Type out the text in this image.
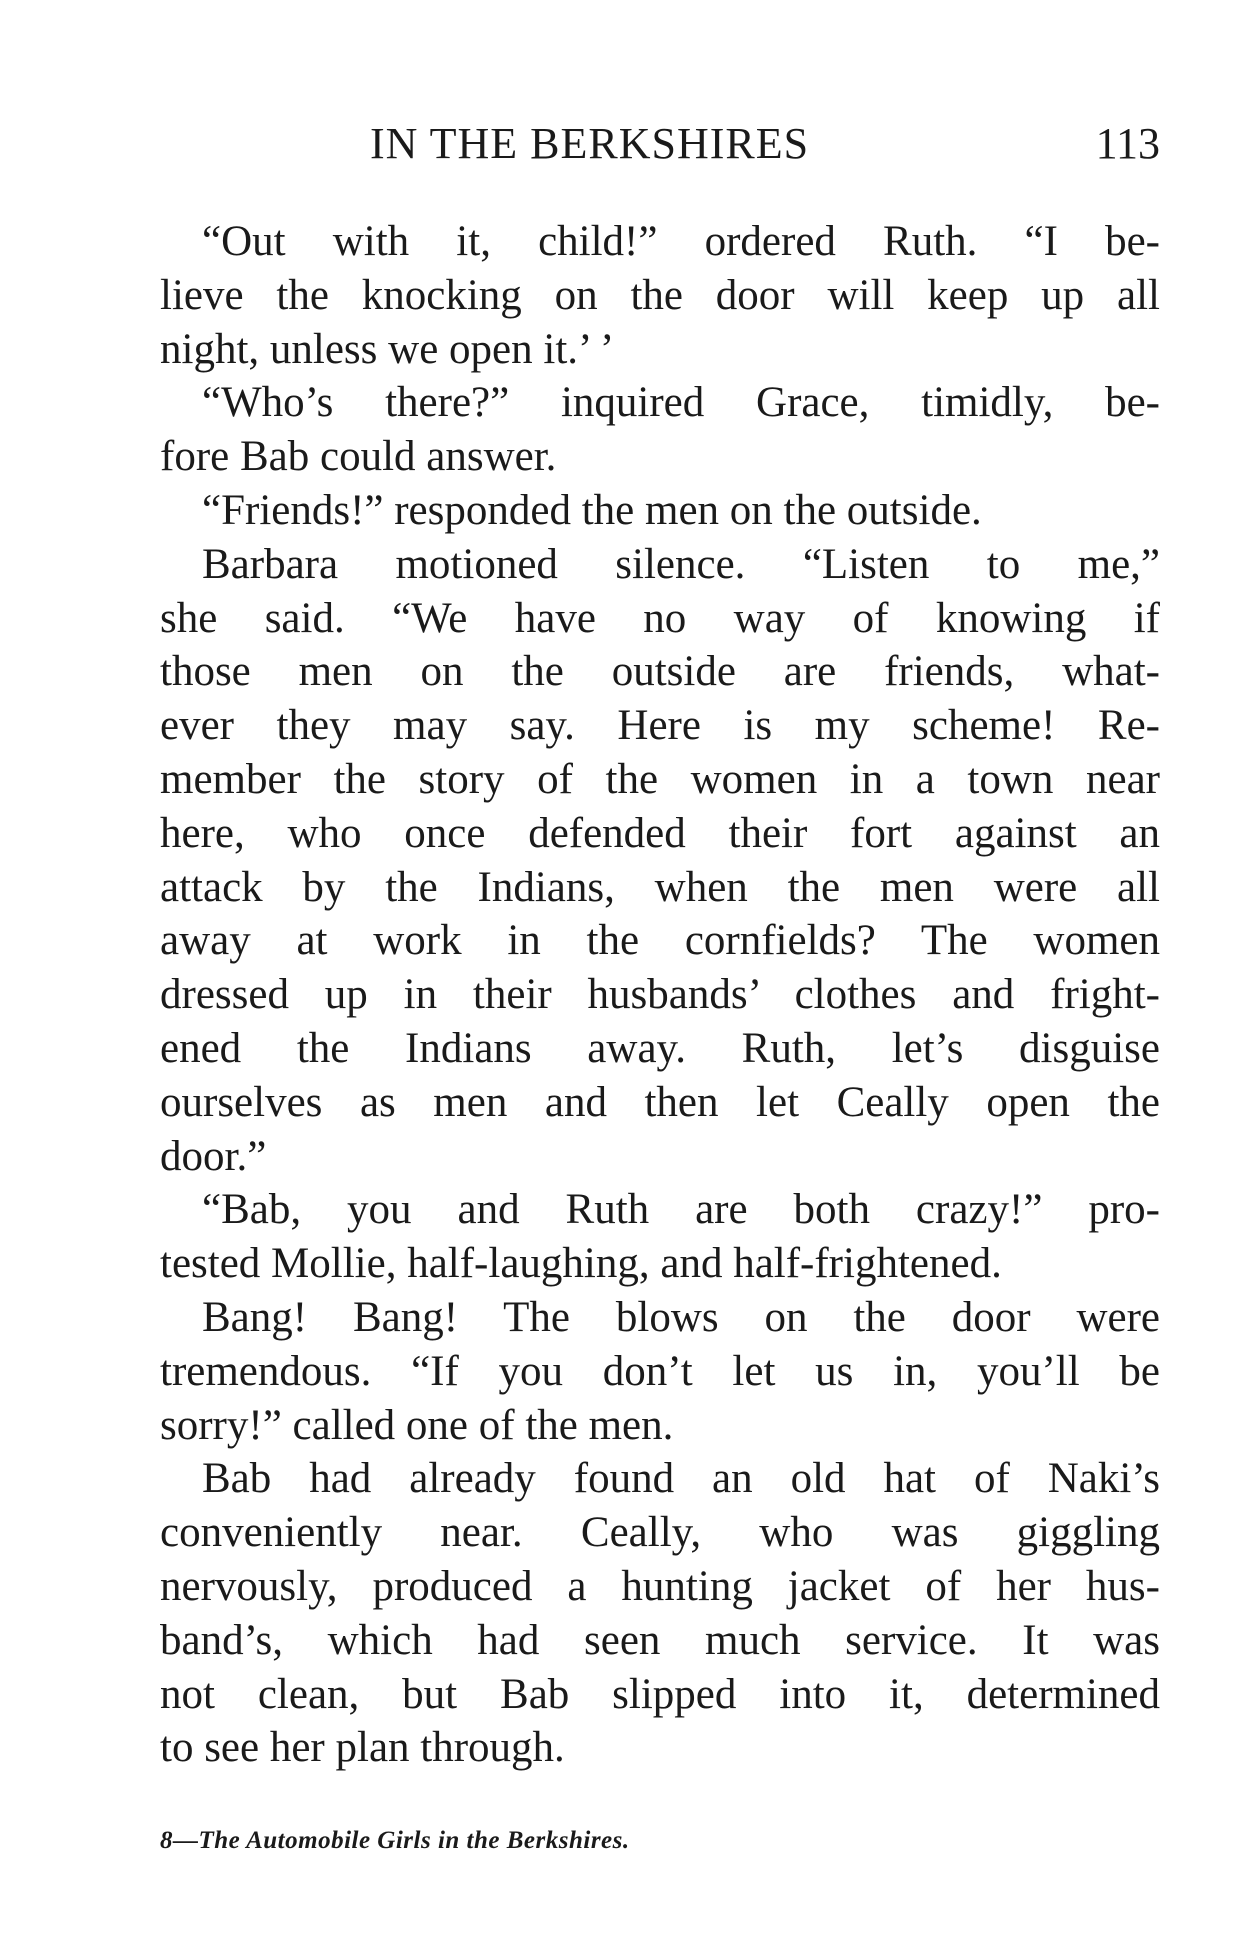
IN THE BERKSHIRES	113
“Out with it, child!” ordered Ruth. “I be-
lieve the knocking on the door will keep up all
night, unless we open it.’ ’
“Who’s there?” inquired Grace, timidly, be-
fore Bab could answer.
“Friends!” responded the men on the outside.
Barbara motioned silence. “Listen to me,”
she said. “We have no way of knowing if
those men on the outside are friends, what-
ever they may say. Here is my scheme! Re-
member the story of the women in a town near
here, who once defended their fort against an
attack by the Indians, when the men were all
away at work in the cornfields? The women
dressed up in their husbands’ clothes and fright-
ened the Indians away. Ruth, let’s disguise
ourselves as men and then let Ceally open the
door.”
“Bab, you and Ruth are both crazy!” pro-
tested Mollie, half-laughing, and half-frightened.
Bang! Bang! The blows on the door were
tremendous. “If you don’t let us in, you’ll be
sorry!” called one of the men.
Bab had already found an old hat of Naki’s
conveniently near. Ceally, who was giggling
nervously, produced a hunting jacket of her hus-
band’s, which had seen much service. It was
not clean, but Bab slipped into it, determined
to see her plan through.
8—The Automobile Girls in the Berkshires.
